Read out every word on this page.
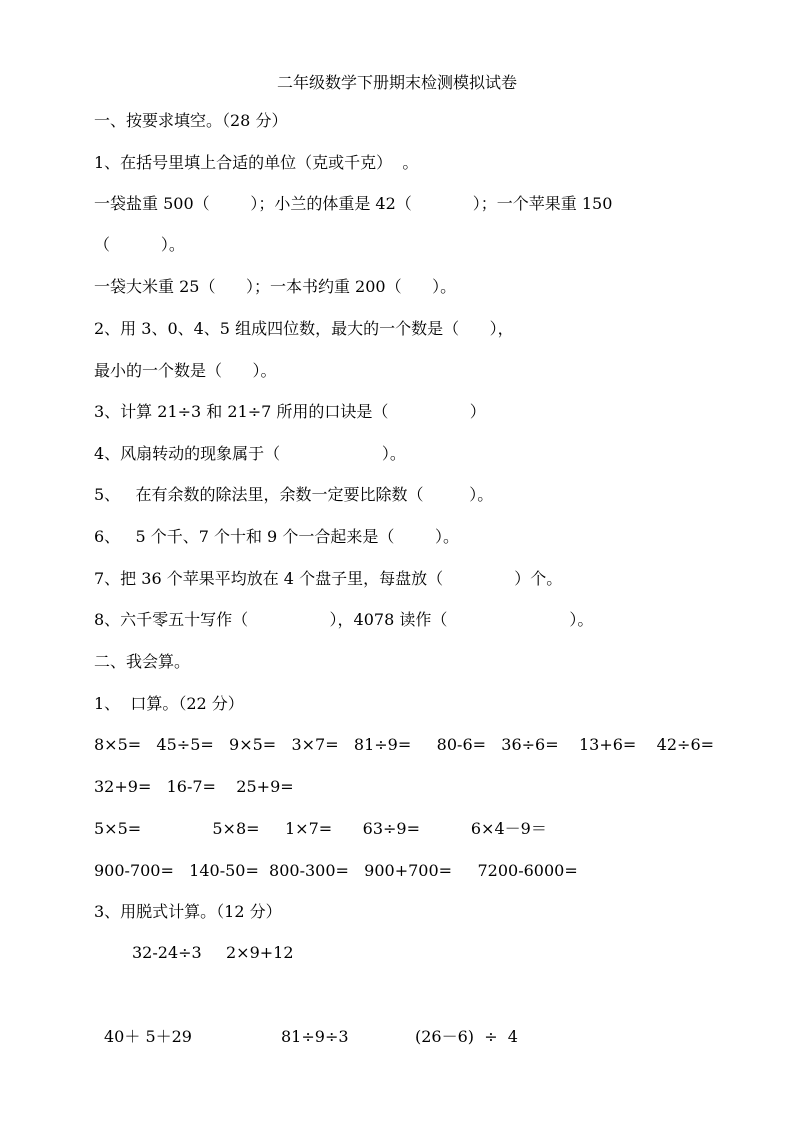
二年级数学下册期末检测模拟试卷
一、按要求填空。（28 分）
1、在括号里填上合适的单位（克或千克）  。
一袋盐重 500（        ）；小兰的体重是 42（            ）；一个苹果重 150
（          ）。
一袋大米重 25（      ）；一本书约重 200（      ）。
2、用 3、0、4、5 组成四位数，最大的一个数是（      ），
最小的一个数是（      ）。
3、计算 21÷3 和 21÷7 所用的口诀是（                ）
4、风扇转动的现象属于（                    ）。
5、   在有余数的除法里，余数一定要比除数（         ）。
6、   5 个千、7 个十和 9 个一合起来是（        ）。
7、把 36 个苹果平均放在 4 个盘子里，每盘放（              ）个。
8、六千零五十写作（                ），4078 读作（                        ）。
二、我会算。
1、  口算。（22 分）
8×5=   45÷5=   9×5=   3×7=   81÷9=     80-6=   36÷6=    13+6=    42÷6=
32+9=   16-7=    25+9=
5×5=              5×8=     1×7=      63÷9=          6×4－9＝
900-700=   140-50=  800-300=   900+700=     7200-6000=
3、用脱式计算。（12 分）
32-24÷3 2×9+12
40＋ 5＋29	81÷9÷3	(26－6)  ÷  4
